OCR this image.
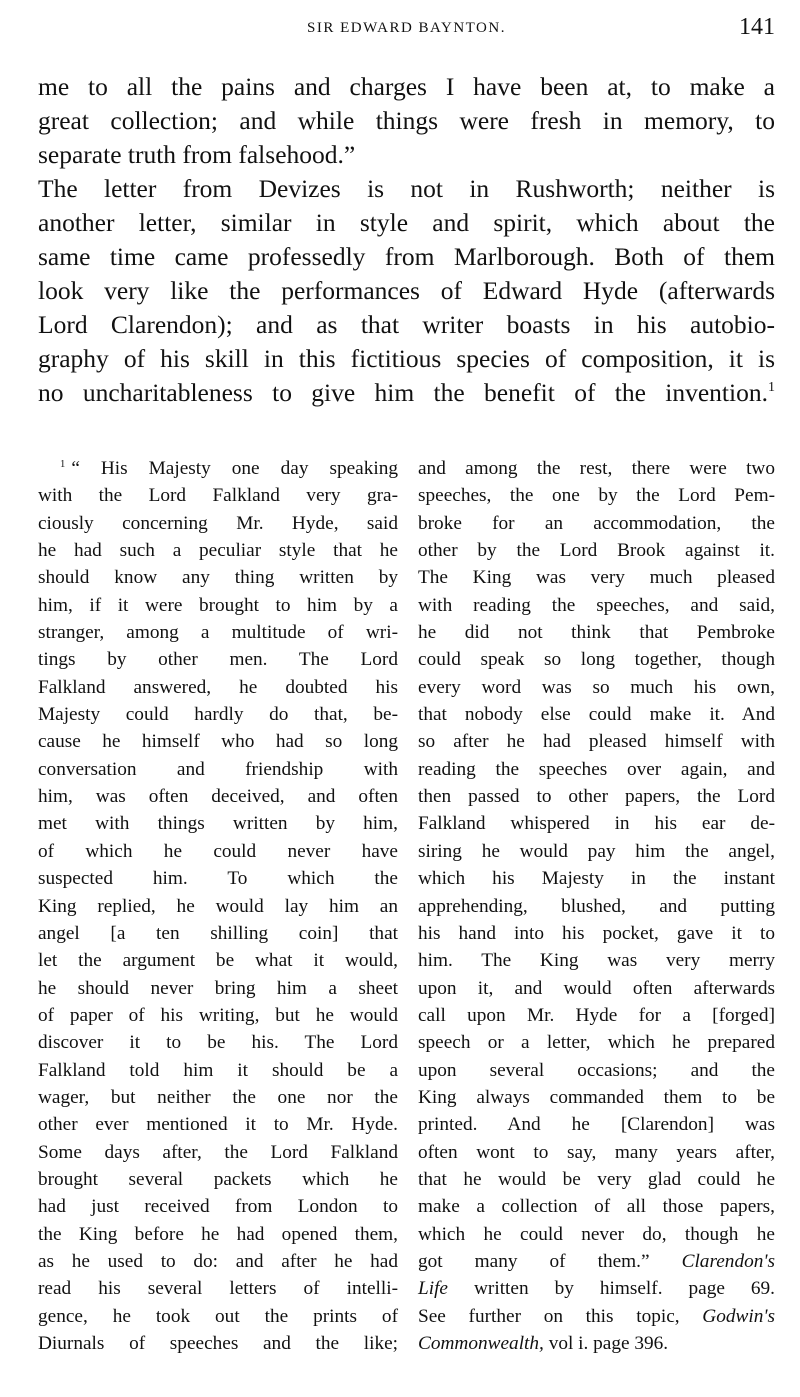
SIR EDWARD BAYNTON.	141
me to all the pains and charges I have been at, to make a
great collection; and while things were fresh in memory, to
separate truth from falsehood.”
The letter from Devizes is not in Rushworth; neither is
another letter, similar in style and spirit, which about the
same time came professedly from Marlborough. Both of them
look very like the performances of Edward Hyde (afterwards
Lord Clarendon); and as that writer boasts in his autobio-
graphy of his skill in this fictitious species of composition, it is
no uncharitableness to give him the benefit of the invention.$^1$
$^1$ “ His Majesty one day speaking
with the Lord Falkland very gra-
ciously concerning Mr. Hyde, said
he had such a peculiar style that he
should know any thing written by
him, if it were brought to him by a
stranger, among a multitude of wri-
tings by other men. The Lord
Falkland answered, he doubted his
Majesty could hardly do that, be-
cause he himself who had so long
conversation and friendship with
him, was often deceived, and often
met with things written by him,
of which he could never have
suspected him. To which the
King replied, he would lay him an
angel [a ten shilling coin] that
let the argument be what it would,
he should never bring him a sheet
of paper of his writing, but he would
discover it to be his. The Lord
Falkland told him it should be a
wager, but neither the one nor the
other ever mentioned it to Mr. Hyde.
Some days after, the Lord Falkland
brought several packets which he
had just received from London to
the King before he had opened them,
as he used to do: and after he had
read his several letters of intelli-
gence, he took out the prints of
Diurnals of speeches and the like;
and among the rest, there were two
speeches, the one by the Lord Pem-
broke for an accommodation, the
other by the Lord Brook against it.
The King was very much pleased
with reading the speeches, and said,
he did not think that Pembroke
could speak so long together, though
every word was so much his own,
that nobody else could make it. And
so after he had pleased himself with
reading the speeches over again, and
then passed to other papers, the Lord
Falkland whispered in his ear de-
siring he would pay him the angel,
which his Majesty in the instant
apprehending, blushed, and putting
his hand into his pocket, gave it to
him. The King was very merry
upon it, and would often afterwards
call upon Mr. Hyde for a [forged]
speech or a letter, which he prepared
upon several occasions; and the
King always commanded them to be
printed. And he [Clarendon] was
often wont to say, many years after,
that he would be very glad could he
make a collection of all those papers,
which he could never do, though he
got many of them.” Clarendon's
Life written by himself. page 69.
See further on this topic, Godwin's
Commonwealth, vol i. page 396.
